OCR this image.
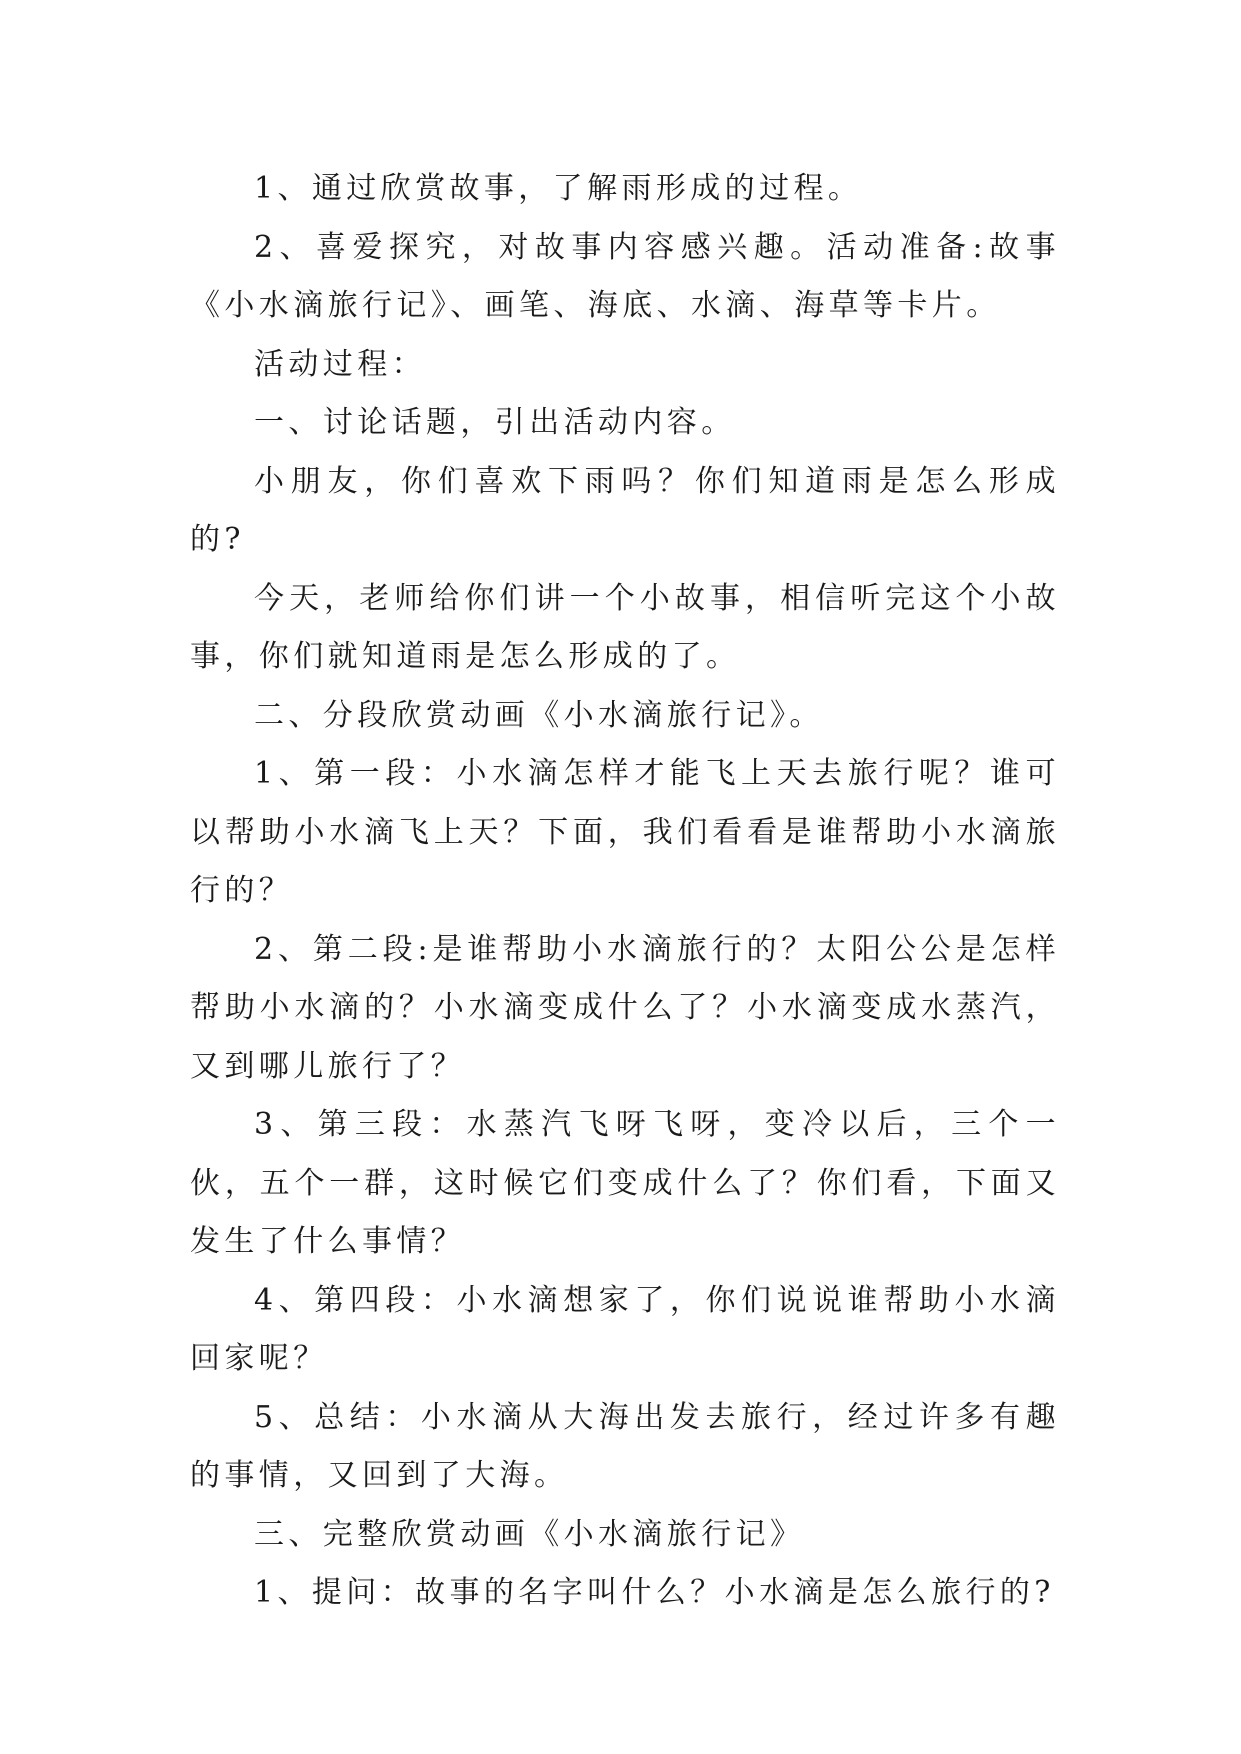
1、通过欣赏故事，了解雨形成的过程。

2、喜爱探究，对故事内容感兴趣。活动准备:故事《小水滴旅行记》、画笔、海底、水滴、海草等卡片。

活动过程：

一、讨论话题，引出活动内容。

小朋友，你们喜欢下雨吗？你们知道雨是怎么形成的?

今天，老师给你们讲一个小故事，相信听完这个小故事，你们就知道雨是怎么形成的了。

二、分段欣赏动画《小水滴旅行记》。

1、第一段：小水滴怎样才能飞上天去旅行呢？谁可以帮助小水滴飞上天？下面，我们看看是谁帮助小水滴旅行的？

2、第二段:是谁帮助小水滴旅行的？太阳公公是怎样帮助小水滴的？小水滴变成什么了？小水滴变成水蒸汽，又到哪儿旅行了？

3、第三段：水蒸汽飞呀飞呀，变冷以后，三个一伙，五个一群，这时候它们变成什么了？你们看，下面又发生了什么事情？

4、第四段：小水滴想家了，你们说说谁帮助小水滴回家呢？

5、总结：小水滴从大海出发去旅行，经过许多有趣的事情，又回到了大海。

三、完整欣赏动画《小水滴旅行记》

1、提问：故事的名字叫什么？小水滴是怎么旅行的?
